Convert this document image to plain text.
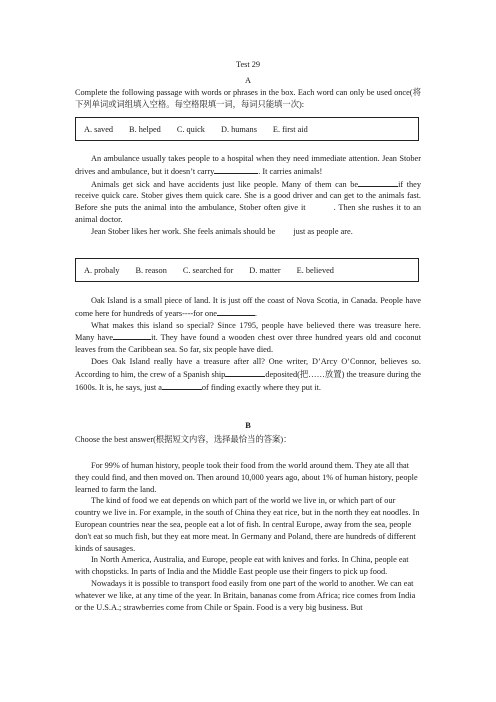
Test 29
A

Complete the following passage with words or phrases in the box. Each word can only be used once(将下列单词或词组填入空格。每空格限填一词，每词只能填一次):

A. saved B. helped C. quick D. humans E. first aid

An ambulance usually takes people to a hospital when they need immediate attention. Jean Stober drives and ambulance, but it doesn’t carry	. It carries animals!

Animals get sick and have accidents just like people. Many of them can be	if they receive quick care. Stober gives them quick care. She is a good driver and can get to the animals fast. Before she puts the animal into the ambulance, Stober often give it	. Then she rushes it to an animal doctor.

Jean Stober likes her work. She feels animals should be just as people are.

A. probaly B. reason C. searched for D. matter E. believed

Oak Island is a small piece of land. It is just off the coast of Nova Scotia, in Canada. People have come here for hundreds of years----for one	.

What makes this island so special? Since 1795, people have believed there was treasure here. Many have	it. They have found a wooden chest over three hundred years old and coconut leaves from the Caribbean sea. So far, six people have died.

Does Oak Island really have a treasure after all? One writer, D’Arcy O’Connor, believes so. According to him, the crew of a Spanish ship	deposited(把……放置) the treasure during the 1600s. It is, he says, just a	of finding exactly where they put it.

B

Choose the best answer(根据短文内容，选择最恰当的答案)：

For 99% of human history, people took their food from the world around them. They ate all that they could find, and then moved on. Then around 10,000 years ago, about 1% of human history, people learned to farm the land.

The kind of food we eat depends on which part of the world we live in, or which part of our country we live in. For example, in the south of China they eat rice, but in the north they eat noodles. In European countries near the sea, people eat a lot of fish. In central Europe, away from the sea, people don't eat so much fish, but they eat more meat. In Germany and Poland, there are hundreds of different kinds of sausages.

In North America, Australia, and Europe, people eat with knives and forks. In China, people eat with chopsticks. In parts of India and the Middle East people use their fingers to pick up food.

Nowadays it is possible to transport food easily from one part of the world to another. We can eat whatever we like, at any time of the year. In Britain, bananas come from Africa; rice comes from India or the U.S.A.; strawberries come from Chile or Spain. Food is a very big business. But
